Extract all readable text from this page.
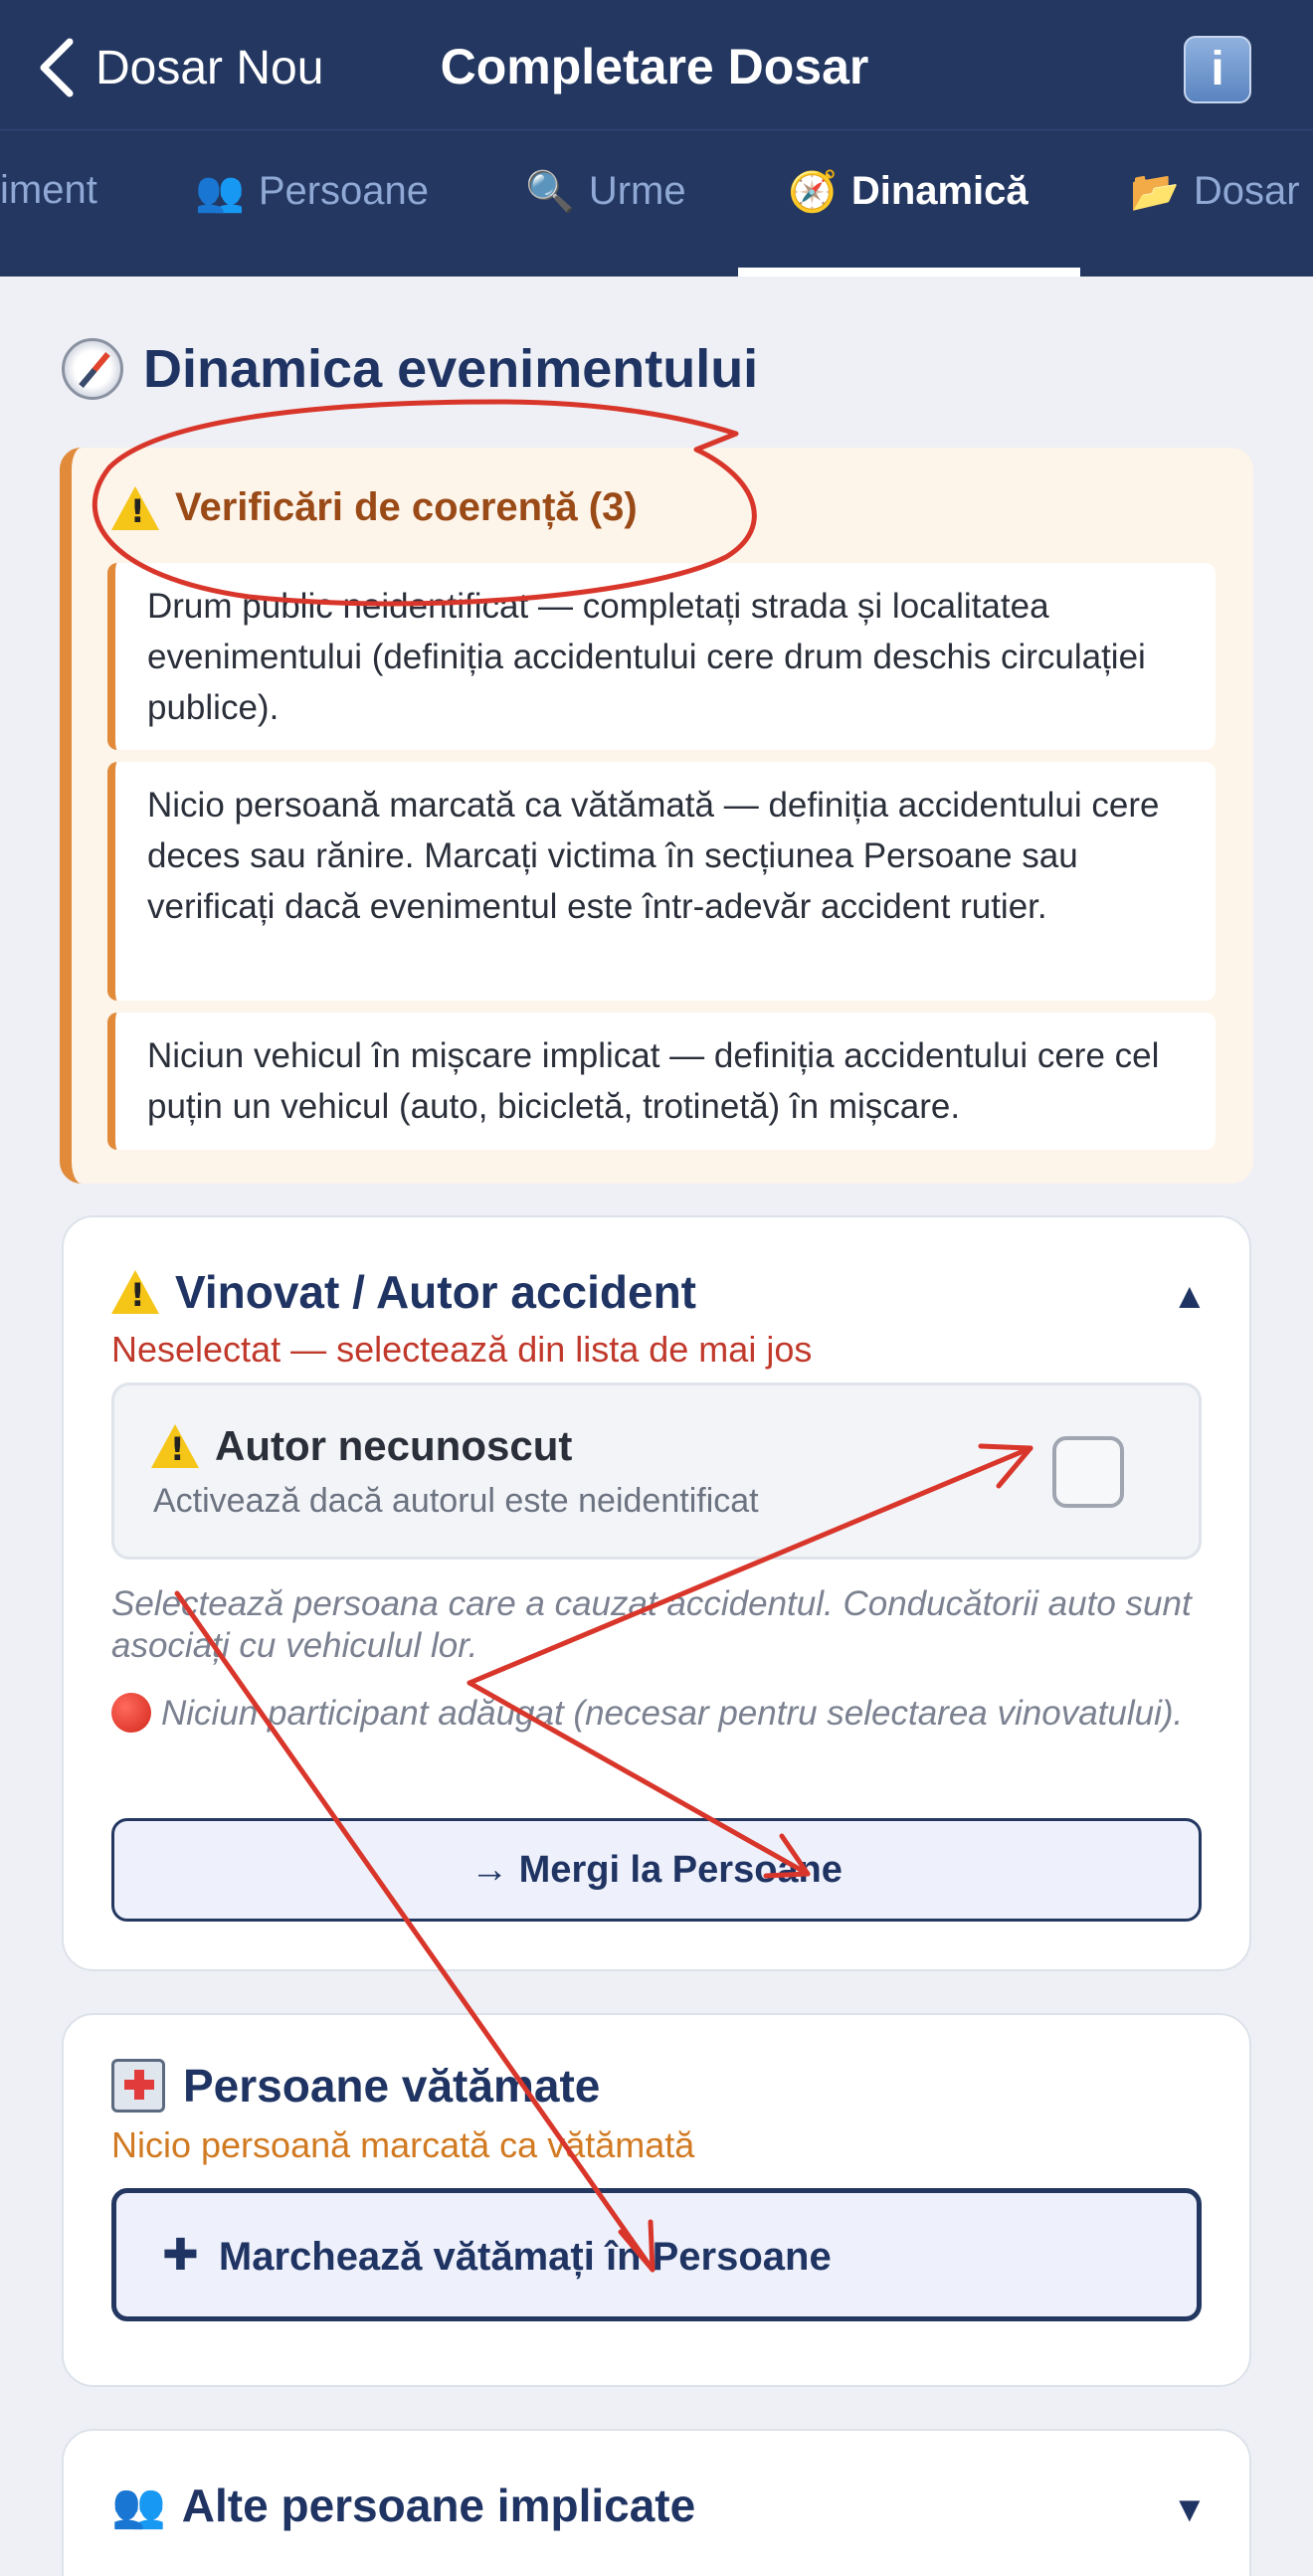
Dosar Nou	Completare Dosar	i
iment 👥 Persoane 🔍 Urme	🧭 Dinamică	📂 Dosar
Dinamica evenimentului
!
Verificări de coerență (3)
Drum public neidentificat — completați strada și localitatea evenimentului (definiția accidentului cere drum deschis circulației publice).
Nicio persoană marcată ca vătămată — definiția accidentului cere deces sau rănire. Marcați victima în secțiunea Persoane sau verificați dacă evenimentul este într-adevăr accident rutier.
Niciun vehicul în mișcare implicat — definiția accidentului cere cel puțin un vehicul (auto, bicicletă, trotinetă) în mișcare.
!
Vinovat / Autor accident	▲
Neselectat — selectează din lista de mai jos
!
Autor necunoscut
Activează dacă autorul este neidentificat
Selectează persoana care a cauzat accidentul. Conducătorii auto sunt asociați cu vehiculul lor.
Niciun participant adăugat (necesar pentru selectarea vinovatului).
→ Mergi la Persoane
Persoane vătămate
Nicio persoană marcată ca vătămată
✚ Marchează vătămați în Persoane
👥 Alte persoane implicate	▼
